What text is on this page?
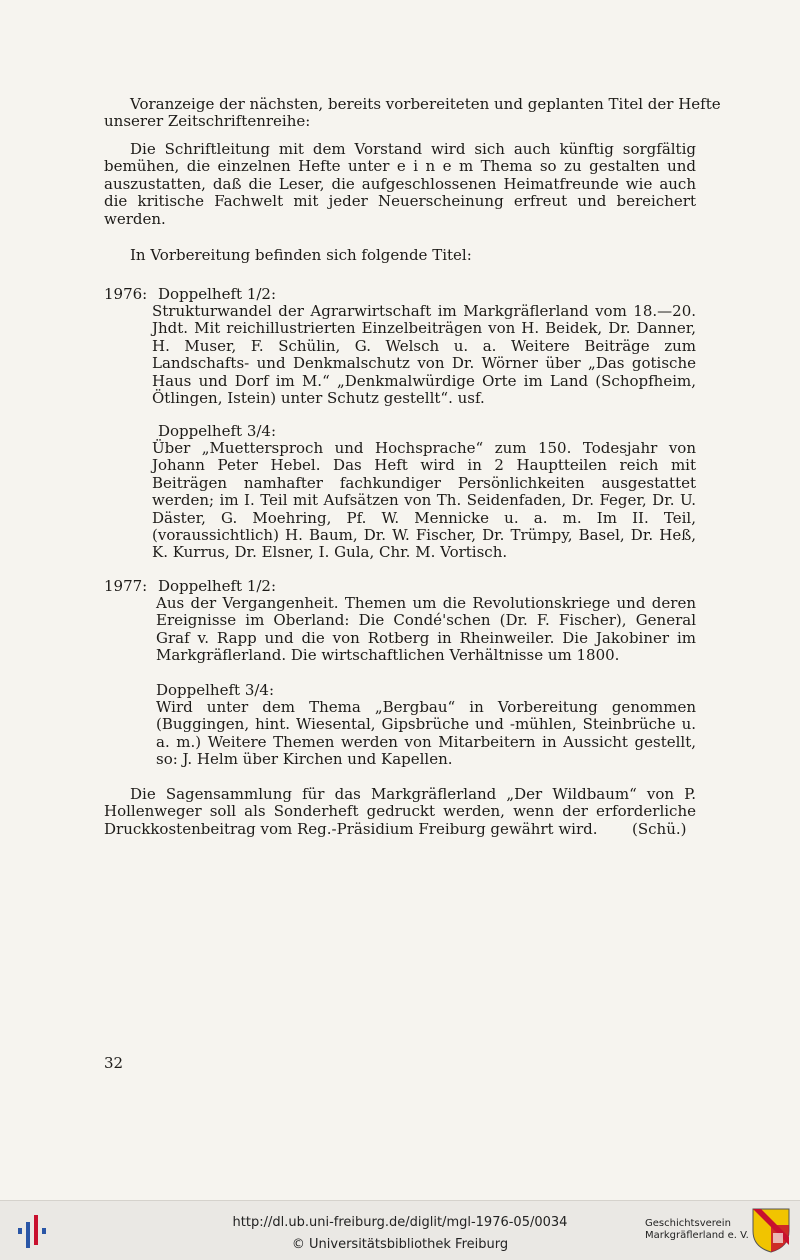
Voranzeige der nächsten, bereits vorbereiteten und geplanten Titel der Hefte

unserer Zeitschriftenreihe:

Die Schriftleitung mit dem Vorstand wird sich auch künftig sorgfältig bemühen, die einzelnen Hefte unter e i n e m Thema so zu gestalten und auszustatten, daß die Leser, die aufgeschlossenen Heimatfreunde wie auch die kritische Fachwelt mit jeder Neuerscheinung erfreut und bereichert werden.

In Vorbereitung befinden sich folgende Titel:

1976: Doppelheft 1/2:

Strukturwandel der Agrarwirtschaft im Markgräflerland vom 18.—20. Jhdt. Mit reichillustrierten Einzelbeiträgen von H. Beidek, Dr. Danner, H. Muser, F. Schülin, G. Welsch u. a. Weitere Beiträge zum Landschafts- und Denkmalschutz von Dr. Wörner über „Das gotische Haus und Dorf im M.“ „Denkmalwürdige Orte im Land (Schopfheim, Ötlingen, Istein) unter Schutz gestellt“. usf.

Doppelheft 3/4:

Über „Muettersproch und Hochsprache“ zum 150. Todesjahr von Johann Peter Hebel. Das Heft wird in 2 Hauptteilen reich mit Beiträgen namhafter fachkundiger Persönlichkeiten ausgestattet werden; im I. Teil mit Aufsätzen von Th. Seidenfaden, Dr. Feger, Dr. U. Däster, G. Moehring, Pf. W. Mennicke u. a. m. Im II. Teil, (voraussichtlich) H. Baum, Dr. W. Fischer, Dr. Trümpy, Basel, Dr. Heß, K. Kurrus, Dr. Elsner, I. Gula, Chr. M. Vortisch.

1977: Doppelheft 1/2:

Aus der Vergangenheit. Themen um die Revolutionskriege und deren Ereignisse im Oberland: Die Condé'schen (Dr. F. Fischer), General Graf v. Rapp und die von Rotberg in Rheinweiler. Die Jakobiner im Markgräflerland. Die wirtschaftlichen Verhältnisse um 1800.

Doppelheft 3/4:

Wird unter dem Thema „Bergbau“ in Vorbereitung genommen (Buggingen, hint. Wiesental, Gipsbrüche und -mühlen, Steinbrüche u. a. m.) Weitere Themen werden von Mitarbeitern in Aussicht gestellt, so: J. Helm über Kirchen und Kapellen.

Die Sagensammlung für das Markgräflerland „Der Wildbaum“ von P. Hollenweger soll als Sonderheft gedruckt werden, wenn der erforderliche Druckkostenbeitrag vom Reg.-Präsidium Freiburg gewährt wird.	(Schü.)

32
http://dl.ub.uni-freiburg.de/diglit/mgl-1976-05/0034
© Universitätsbibliothek Freiburg
Geschichtsverein
Markgräflerland e. V.
